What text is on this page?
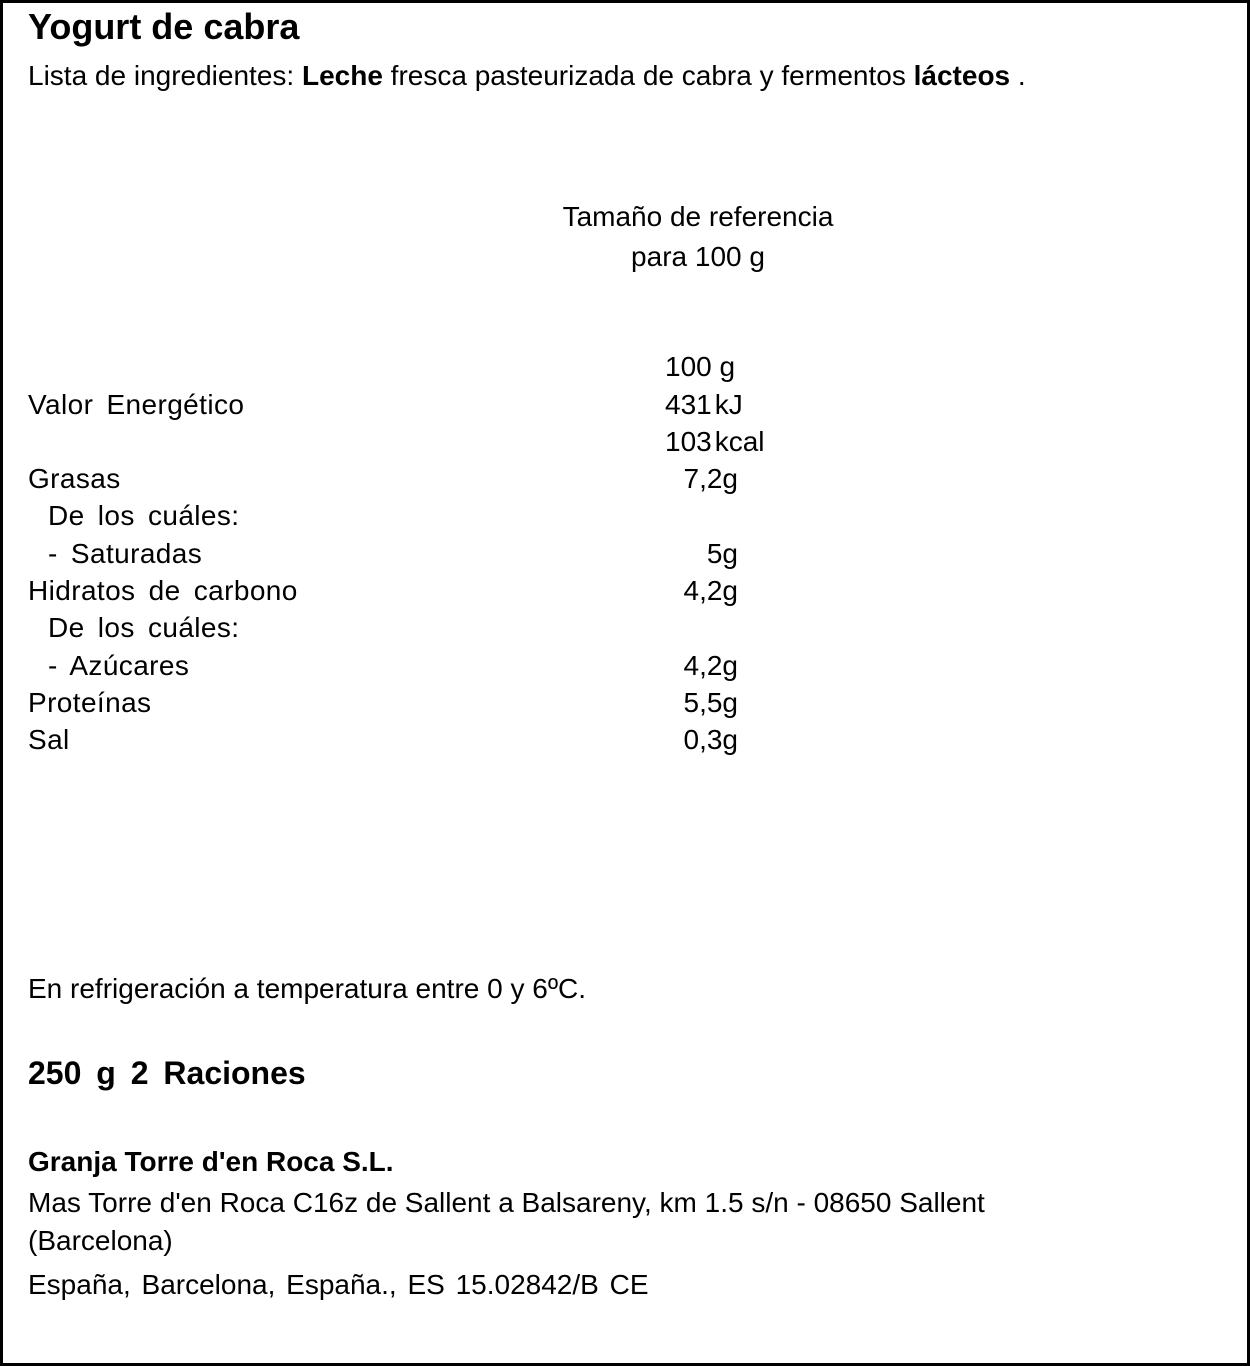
Yogurt de cabra
Lista de ingredientes: Leche fresca pasteurizada de cabra y fermentos lácteos .
Tamaño de referencia
para 100 g
100 g
Valor Energético	431 kJ
103 kcal
Grasas	7,2g
De los cuáles:
- Saturadas	5g
Hidratos de carbono	4,2g
De los cuáles:
- Azúcares	4,2g
Proteínas	5,5g
Sal	0,3g
En refrigeración a temperatura entre 0 y 6ºC.
250 g 2 Raciones
Granja Torre d'en Roca S.L.
Mas Torre d'en Roca C16z de Sallent a Balsareny, km 1.5 s/n - 08650 Sallent
(Barcelona)
España, Barcelona, España., ES 15.02842/B CE
